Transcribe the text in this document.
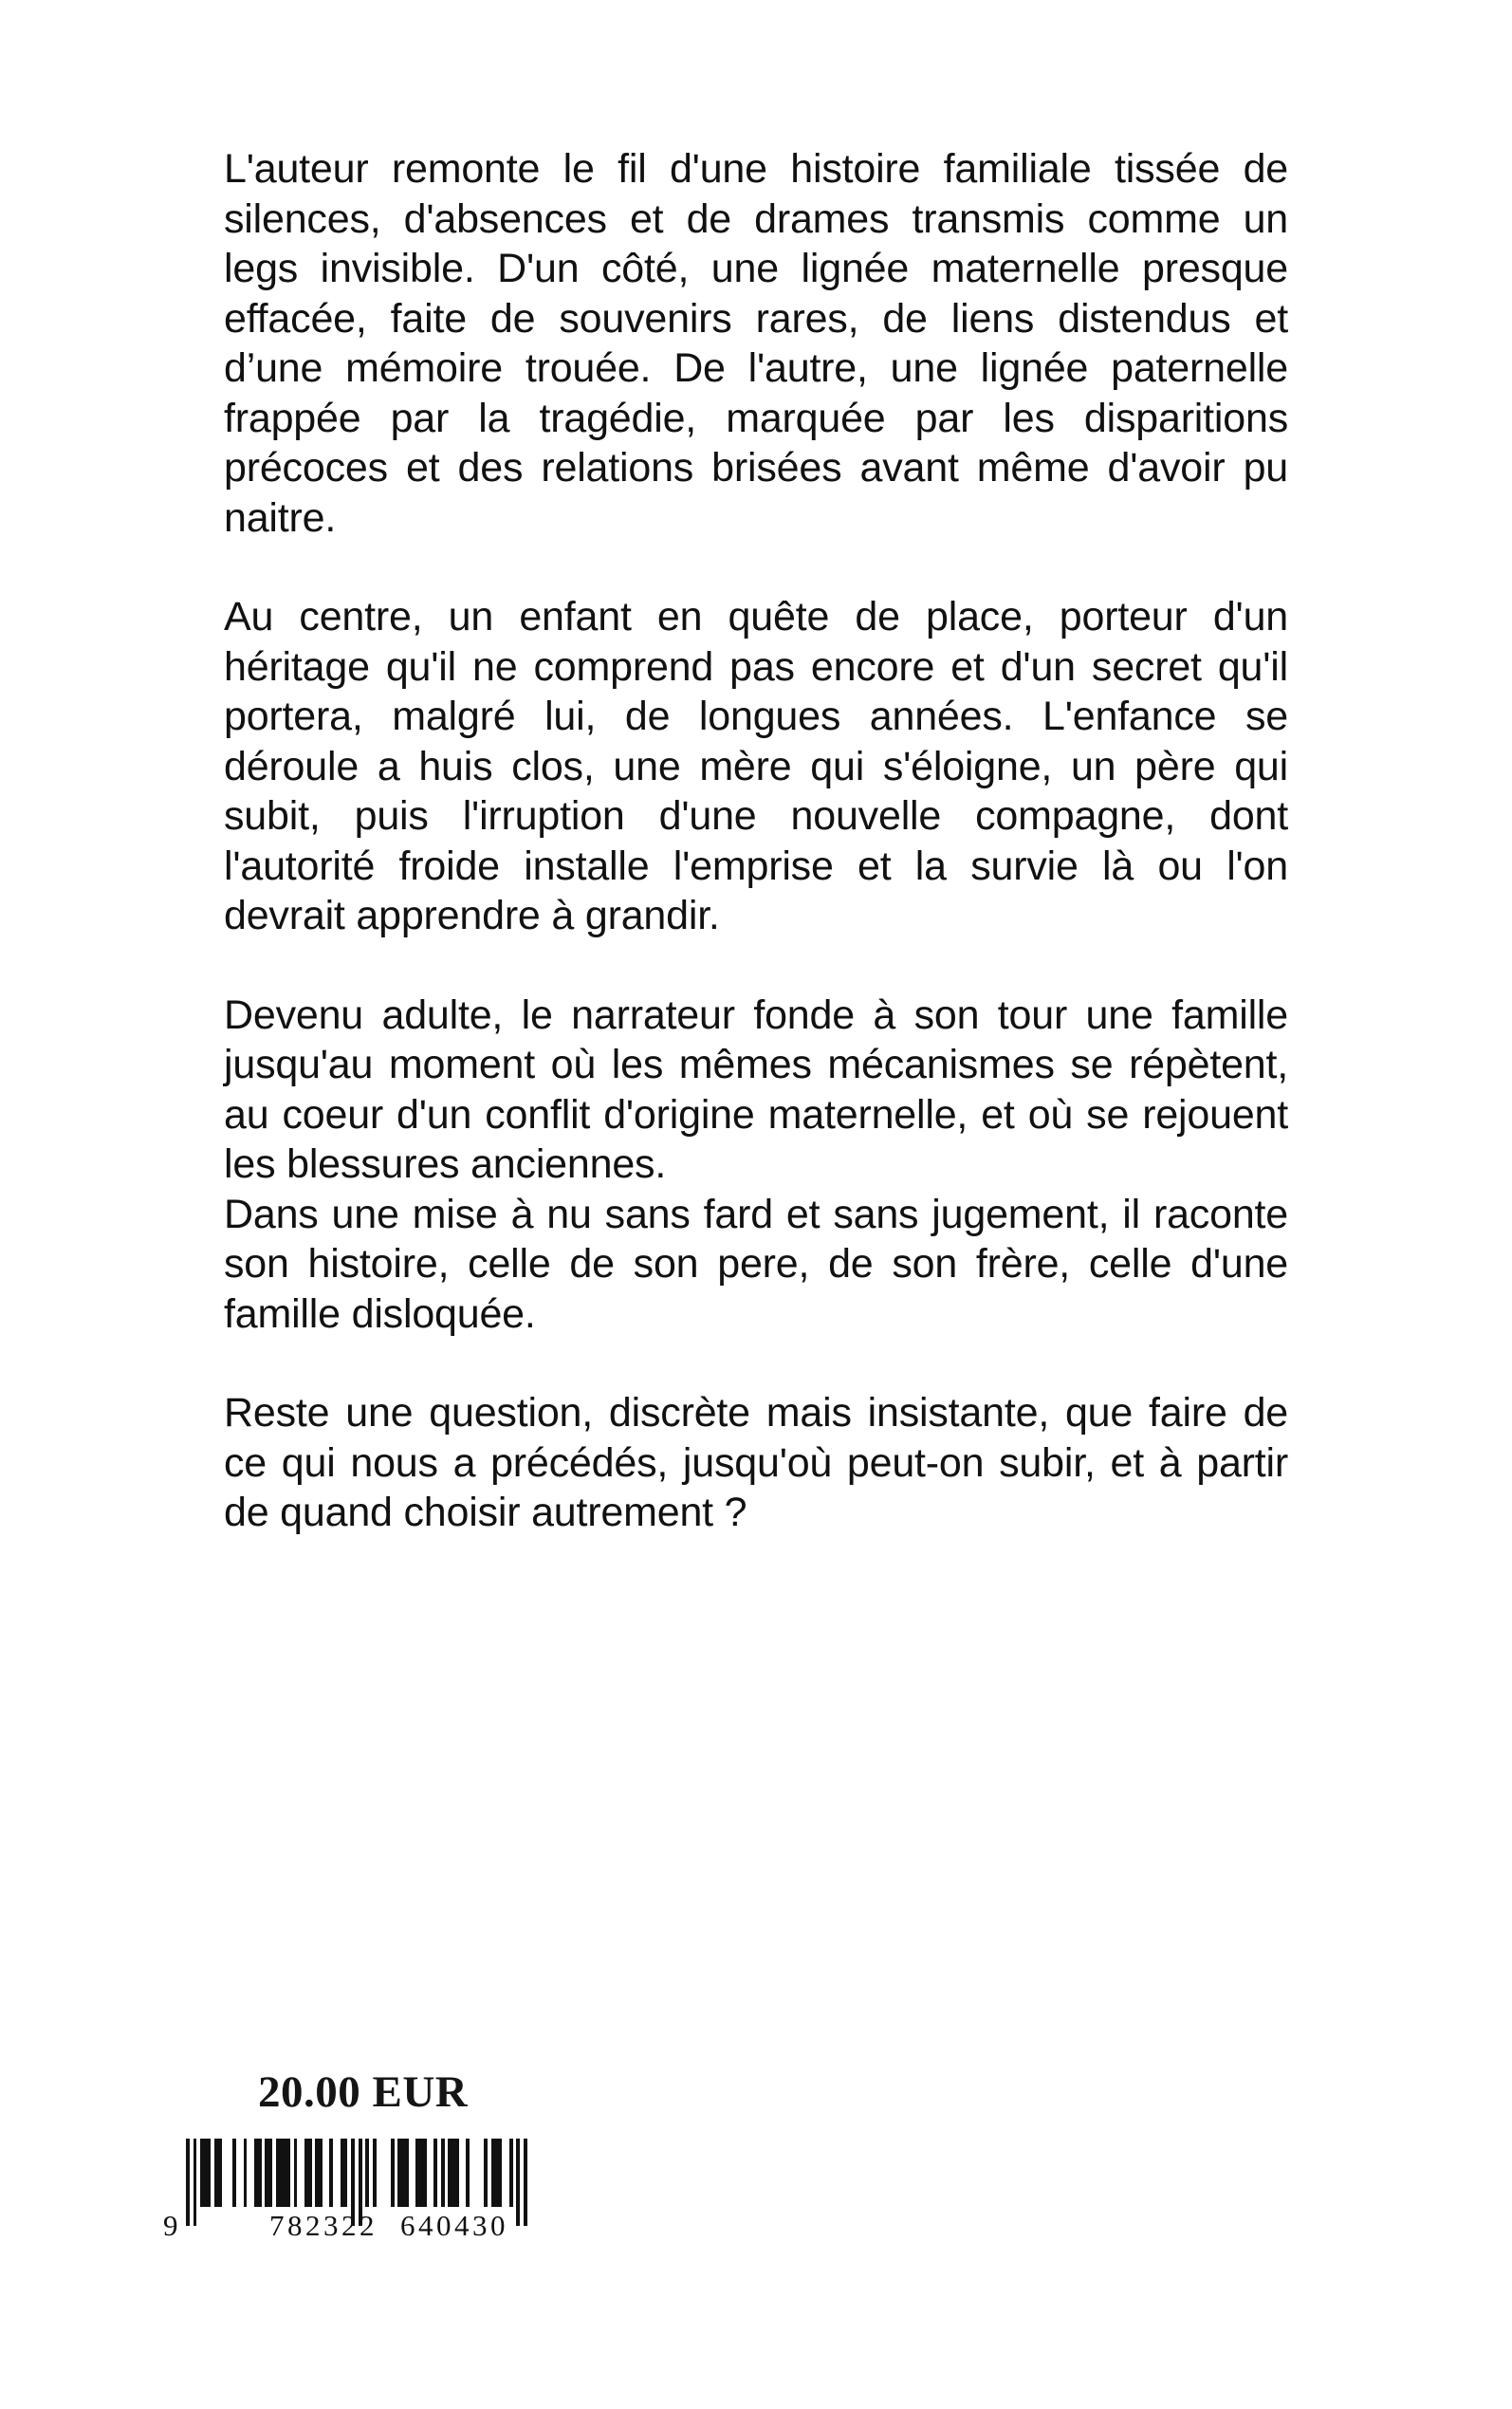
L'auteur remonte le fil d'une histoire familiale tissée de silences, d'absences et de drames transmis comme un legs invisible. D'un côté, une lignée maternelle presque effacée, faite de souvenirs rares, de liens distendus et d’une mémoire trouée. De l'autre, une lignée paternelle frappée par la tragédie, marquée par les disparitions précoces et des relations brisées avant même d'avoir pu naitre.

Au centre, un enfant en quête de place, porteur d'un héritage qu'il ne comprend pas encore et d'un secret qu'il portera, malgré lui, de longues années. L'enfance se déroule a huis clos, une mère qui s'éloigne, un père qui subit, puis l'irruption d'une nouvelle compagne, dont l'autorité froide installe l'emprise et la survie là ou l'on devrait apprendre à grandir.

Devenu adulte, le narrateur fonde à son tour une famille jusqu'au moment où les mêmes mécanismes se répètent, au coeur d'un conflit d'origine maternelle, et où se rejouent les blessures anciennes.

Dans une mise à nu sans fard et sans jugement, il raconte son histoire, celle de son pere, de son frère, celle d'une famille disloquée.

Reste une question, discrète mais insistante, que faire de ce qui nous a précédés, jusqu'où peut-on subir, et à partir de quand choisir autrement ?

20.00 EUR
9	782322 640430
